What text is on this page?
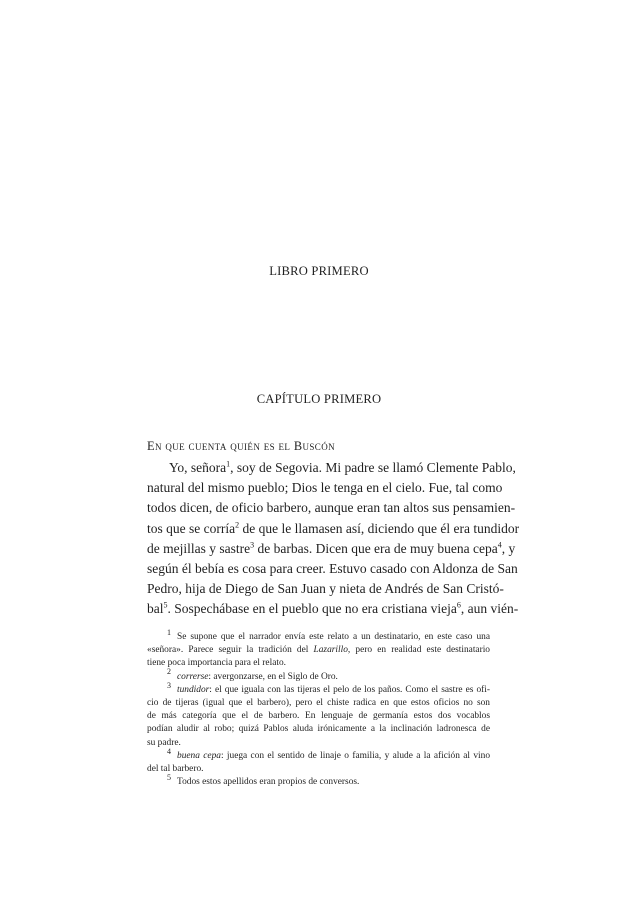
LIBRO PRIMERO
CAPÍTULO PRIMERO
En que cuenta quién es el Buscón
Yo, señora$^1$, soy de Segovia. Mi padre se llamó Clemente Pablo,
natural del mismo pueblo; Dios le tenga en el cielo. Fue, tal como
todos dicen, de oficio barbero, aunque eran tan altos sus pensamien-
tos que se corría$^2$ de que le llamasen así, diciendo que él era tundidor
de mejillas y sastre$^3$ de barbas. Dicen que era de muy buena cepa$^4$, y
según él bebía es cosa para creer. Estuvo casado con Aldonza de San
Pedro, hija de Diego de San Juan y nieta de Andrés de San Cristó-
bal$^5$. Sospechábase en el pueblo que no era cristiana vieja$^6$, aun vién-
1 Se supone que el narrador envía este relato a un destinatario, en este caso una
«señora». Parece seguir la tradición del Lazarillo, pero en realidad este destinatario
tiene poca importancia para el relato.
2 correrse: avergonzarse, en el Siglo de Oro.
3 tundidor: el que iguala con las tijeras el pelo de los paños. Como el sastre es ofi-
cio de tijeras (igual que el barbero), pero el chiste radica en que estos oficios no son
de más categoría que el de barbero. En lenguaje de germanía estos dos vocablos
podían aludir al robo; quizá Pablos aluda irónicamente a la inclinación ladronesca de
su padre.
4 buena cepa: juega con el sentido de linaje o familia, y alude a la afición al vino
del tal barbero.
5 Todos estos apellidos eran propios de conversos.
